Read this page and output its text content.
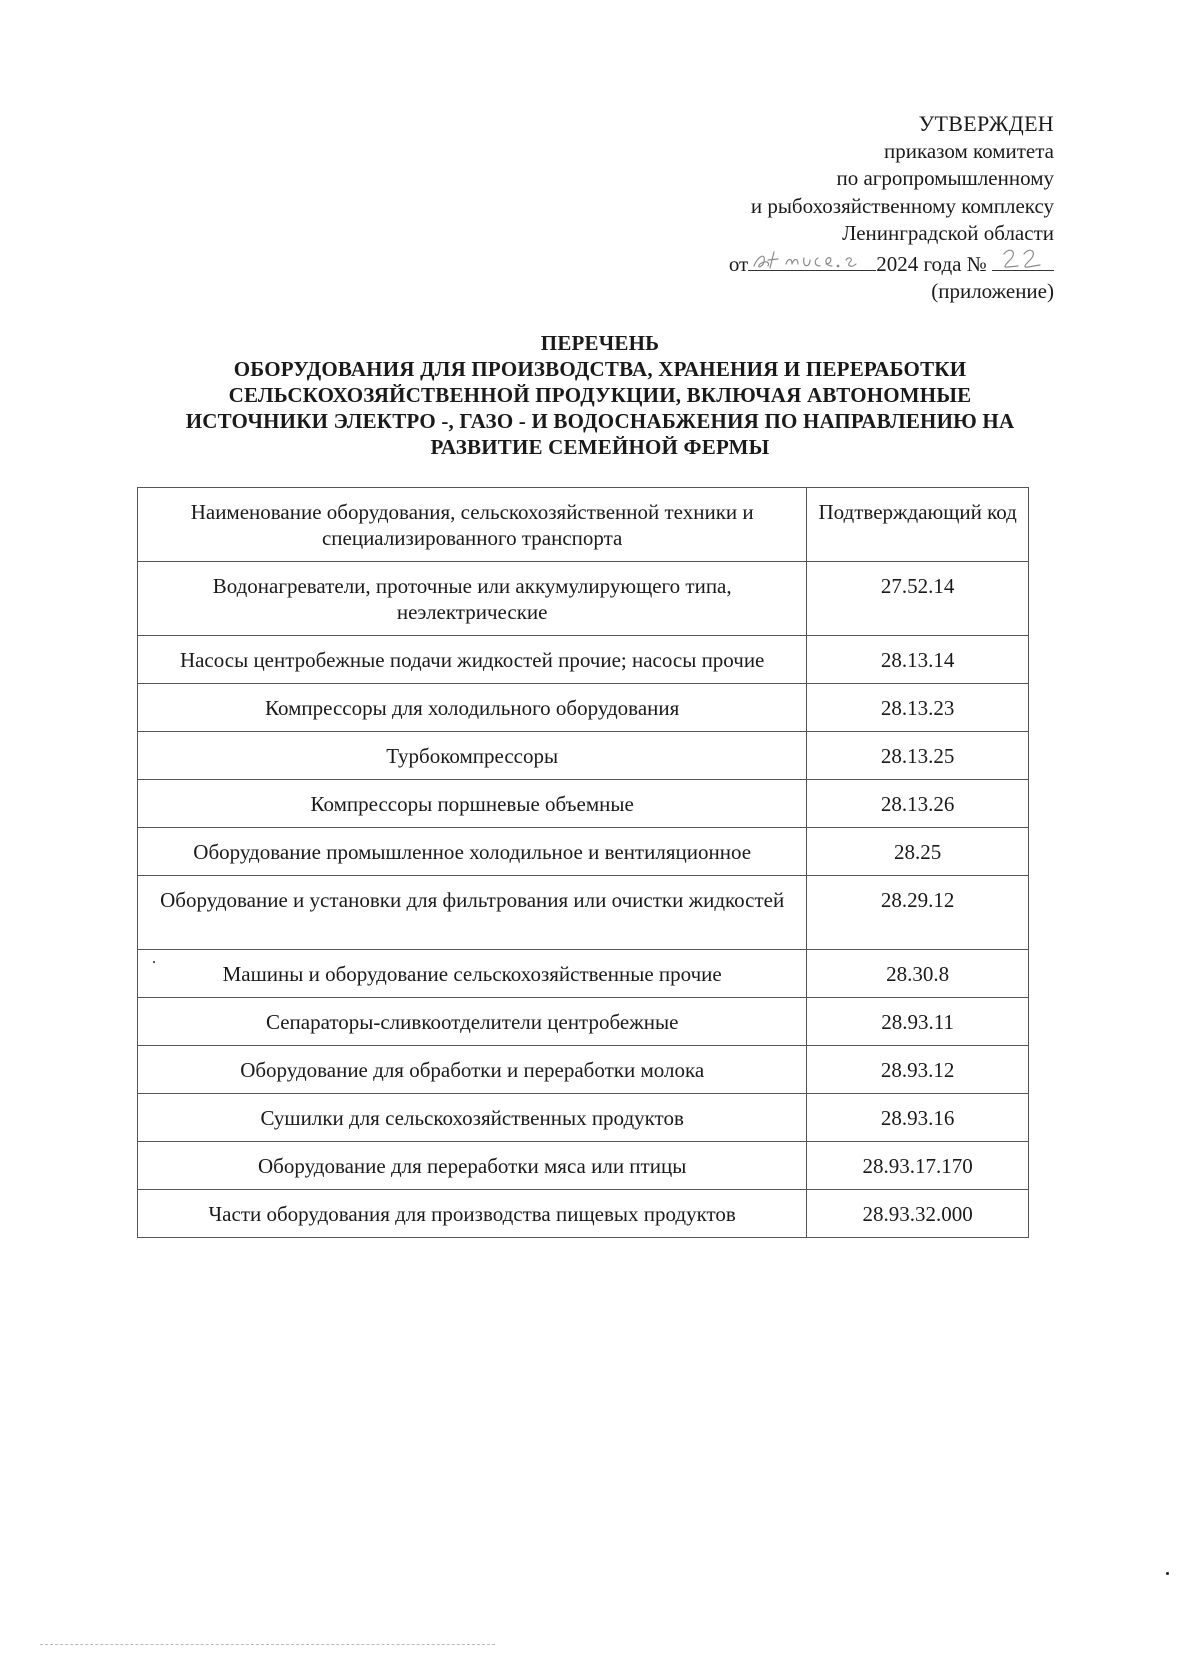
УТВЕРЖДЕН
приказом комитета
по агропромышленному
и рыбохозяйственному комплексу
Ленинградской области
от	2024 года №
(приложение)
ПЕРЕЧЕНЬ
ОБОРУДОВАНИЯ ДЛЯ ПРОИЗВОДСТВА, ХРАНЕНИЯ И ПЕРЕРАБОТКИ
СЕЛЬСКОХОЗЯЙСТВЕННОЙ ПРОДУКЦИИ, ВКЛЮЧАЯ АВТОНОМНЫЕ
ИСТОЧНИКИ ЭЛЕКТРО -, ГАЗО - И ВОДОСНАБЖЕНИЯ ПО НАПРАВЛЕНИЮ НА
РАЗВИТИЕ СЕМЕЙНОЙ ФЕРМЫ
Наименование оборудования, сельскохозяйственной техники и специализированного транспорта	Подтверждающий код
Водонагреватели, проточные или аккумулирующего типа, неэлектрические	27.52.14
Насосы центробежные подачи жидкостей прочие; насосы прочие	28.13.14
Компрессоры для холодильного оборудования	28.13.23
Турбокомпрессоры	28.13.25
Компрессоры поршневые объемные	28.13.26
Оборудование промышленное холодильное и вентиляционное	28.25
Оборудование и установки для фильтрования или очистки жидкостей	28.29.12
Машины и оборудование сельскохозяйственные прочие	28.30.8
Сепараторы-сливкоотделители центробежные	28.93.11
Оборудование для обработки и переработки молока	28.93.12
Сушилки для сельскохозяйственных продуктов	28.93.16
Оборудование для переработки мяса или птицы	28.93.17.170
Части оборудования для производства пищевых продуктов	28.93.32.000
